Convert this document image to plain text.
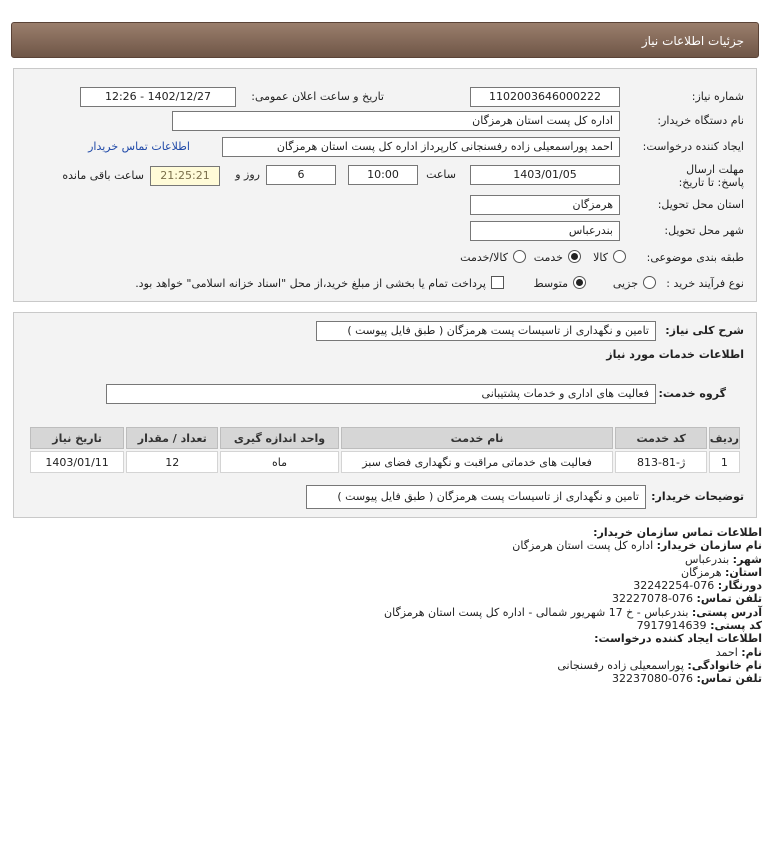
جزئیات اطلاعات نیاز
شماره نیاز:
1102003646000222
تاریخ و ساعت اعلان عمومی:
1402/12/27 - 12:26
نام دستگاه خریدار:
اداره کل پست استان هرمزگان
ایجاد کننده درخواست:
احمد پوراسمعیلی زاده رفسنجانی کارپرداز اداره کل پست استان هرمزگان
اطلاعات تماس خریدار
مهلت ارسال پاسخ: تا تاریخ:
1403/01/05
ساعت
10:00
6
روز و
21:25:21
ساعت باقی مانده
استان محل تحویل:
هرمزگان
شهر محل تحویل:
بندرعباس
طبقه بندی موضوعی:
کالا
خدمت
کالا/خدمت
نوع فرآیند خرید :
جزیی
متوسط
پرداخت تمام یا بخشی از مبلغ خرید،از محل "اسناد خزانه اسلامی" خواهد بود.
شرح کلی نیاز:
تامین و نگهداری از تاسیسات پست هرمزگان ( طبق فایل پیوست )
اطلاعات خدمات مورد نیاز
گروه خدمت:
فعالیت های اداری و خدمات پشتیبانی
ردیف	کد خدمت	نام خدمت	واحد اندازه گیری	تعداد / مقدار	تاریخ نیاز
1	ژ-81-813	فعالیت های خدماتی مراقبت و نگهداری فضای سبز	ماه	12	1403/01/11
توضیحات خریدار:
تامین و نگهداری از تاسیسات پست هرمزگان ( طبق فایل پیوست )
اطلاعات تماس سازمان خریدار:
نام سازمان خریدار: اداره کل پست استان هرمزگان
شهر: بندرعباس
استان: هرمزگان
دورنگار: 076-32242254
تلفن تماس: 076-32227078
آدرس پستی: بندرعباس - خ 17 شهریور شمالی - اداره کل پست استان هرمزگان
کد پستی: 7917914639
اطلاعات ایجاد کننده درخواست:
نام: احمد
نام خانوادگی: پوراسمعیلی زاده رفسنجانی
تلفن تماس: 076-32237080
